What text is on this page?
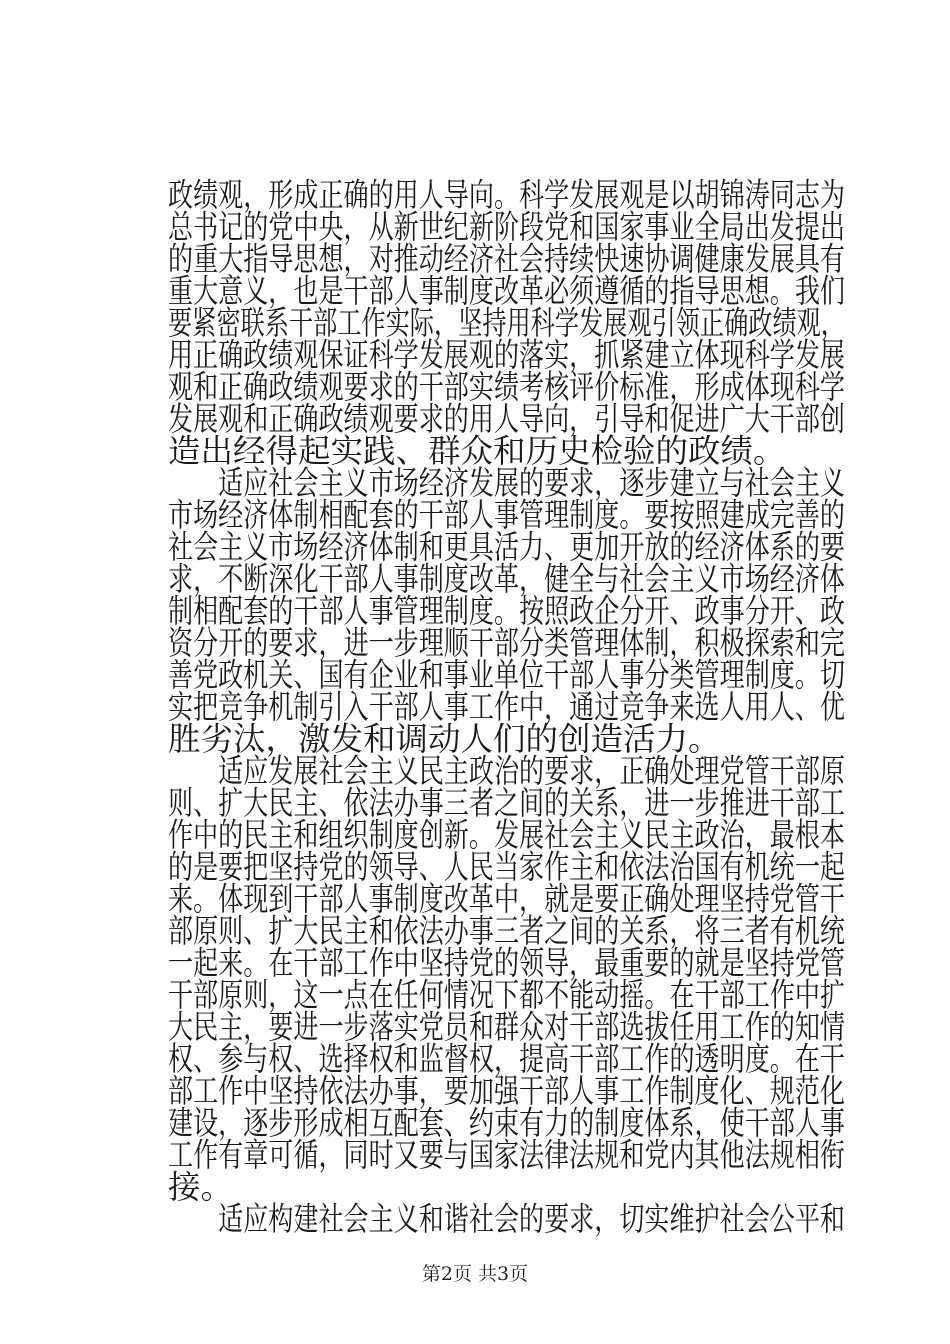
政绩观，形成正确的用人导向。科学发展观是以胡锦涛同志为
总书记的党中央，从新世纪新阶段党和国家事业全局出发提出
的重大指导思想，对推动经济社会持续快速协调健康发展具有
重大意义，也是干部人事制度改革必须遵循的指导思想。我们
要紧密联系干部工作实际，坚持用科学发展观引领正确政绩观，
用正确政绩观保证科学发展观的落实，抓紧建立体现科学发展
观和正确政绩观要求的干部实绩考核评价标准，形成体现科学
发展观和正确政绩观要求的用人导向，引导和促进广大干部创
造出经得起实践、群众和历史检验的政绩。
　　适应社会主义市场经济发展的要求，逐步建立与社会主义
市场经济体制相配套的干部人事管理制度。要按照建成完善的
社会主义市场经济体制和更具活力、更加开放的经济体系的要
求，不断深化干部人事制度改革，健全与社会主义市场经济体
制相配套的干部人事管理制度。按照政企分开、政事分开、政
资分开的要求，进一步理顺干部分类管理体制，积极探索和完
善党政机关、国有企业和事业单位干部人事分类管理制度。切
实把竞争机制引入干部人事工作中，通过竞争来选人用人、优
胜劣汰，激发和调动人们的创造活力。
　　适应发展社会主义民主政治的要求，正确处理党管干部原
则、扩大民主、依法办事三者之间的关系，进一步推进干部工
作中的民主和组织制度创新。发展社会主义民主政治，最根本
的是要把坚持党的领导、人民当家作主和依法治国有机统一起
来。体现到干部人事制度改革中，就是要正确处理坚持党管干
部原则、扩大民主和依法办事三者之间的关系，将三者有机统
一起来。在干部工作中坚持党的领导，最重要的就是坚持党管
干部原则，这一点在任何情况下都不能动摇。在干部工作中扩
大民主，要进一步落实党员和群众对干部选拔任用工作的知情
权、参与权、选择权和监督权，提高干部工作的透明度。在干
部工作中坚持依法办事，要加强干部人事工作制度化、规范化
建设，逐步形成相互配套、约束有力的制度体系，使干部人事
工作有章可循，同时又要与国家法律法规和党内其他法规相衔
接。
　　适应构建社会主义和谐社会的要求，切实维护社会公平和
第2页 共3页
